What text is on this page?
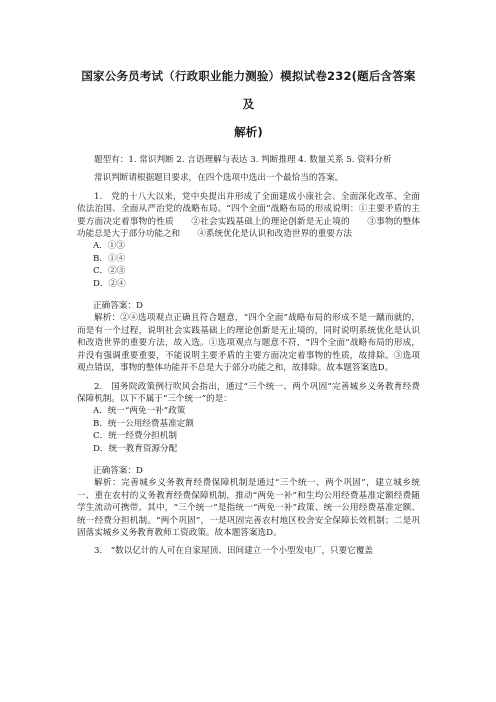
国家公务员考试（行政职业能力测验）模拟试卷232(题后含答案及
解析)

题型有：1. 常识判断 2. 言语理解与表达 3. 判断推理 4. 数量关系 5. 资料分析

常识判断请根据题目要求，在四个选项中选出一个最恰当的答案。

1.　党的十八大以来，党中央提出并形成了全面建成小康社会、全面深化改革、全面依法治国、全面从严治党的战略布局。“四个全面”战略布局的形成说明：①主要矛盾的主要方面决定着事物的性质　　②社会实践基础上的理论创新是无止境的　　③事物的整体功能总是大于部分功能之和　　④系统优化是认识和改造世界的重要方法

A．①③

B．①④

C．②③

D．②④

正确答案：D

解析：②④选项观点正确且符合题意，“四个全面”战略布局的形成不是一蹴而就的，而是有一个过程，说明社会实践基础上的理论创新是无止境的，同时说明系统优化是认识和改造世界的重要方法，故入选。①选项观点与题意不符，“四个全面”战略布局的形成，并没有强调重要重要，不能说明主要矛盾的主要方面决定着事物的性质，故排除。③选项观点错误，事物的整体功能并不总是大于部分功能之和，故排除。故本题答案选D。

2.　国务院政策例行吹风会指出，通过“三个统一、两个巩固”完善城乡义务教育经费保障机制。以下不属于“三个统一”的是：

A．统一“两免一补”政策

B．统一公用经费基准定额

C．统一经费分担机制

D．统一教育资源分配

正确答案：D

解析：完善城乡义务教育经费保障机制是通过“三个统一、两个巩固”，建立城乡统一、重在农村的义务教育经费保障机制，推动“两免一补”和生均公用经费基准定额经费随学生流动可携带。其中，“三个统一”是指统一“两免一补”政策、统一公用经费基准定额、统一经费分担机制。“两个巩固”，一是巩固完善农村地区校舍安全保障长效机制；二是巩固落实城乡义务教育教师工资政策。故本题答案选D。

3.　“数以亿计的人可在自家屋顶、田间建立一个小型发电厂，只要它覆盖
